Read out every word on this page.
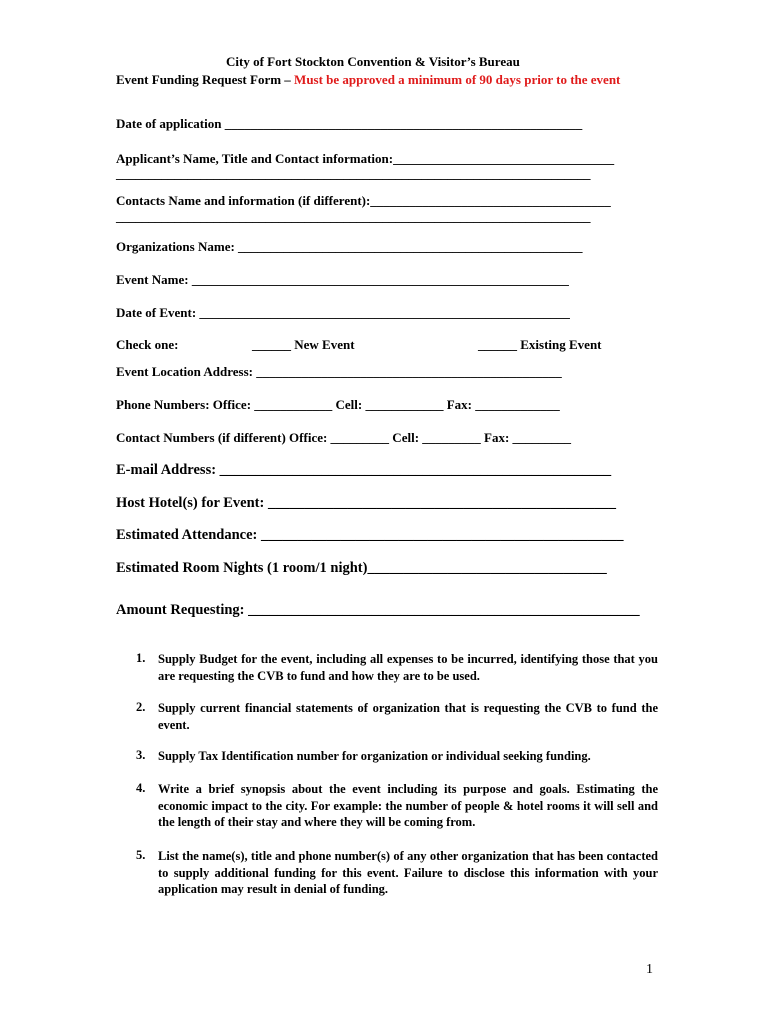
City of Fort Stockton Convention & Visitor’s Bureau
Event Funding Request Form – Must be approved a minimum of 90 days prior to the event
Date of application _______________________________________________________
Applicant’s Name, Title and Contact information:__________________________________
_________________________________________________________________________
Contacts Name and information (if different):_____________________________________
_________________________________________________________________________
Organizations Name: _____________________________________________________
Event Name: __________________________________________________________
Date of Event: _________________________________________________________
Check one:	______ New Event	______ Existing Event
Event Location Address: _______________________________________________
Phone Numbers: Office: ____________ Cell: ____________ Fax: _____________
Contact Numbers (if different) Office: _________ Cell: _________ Fax: _________
E-mail Address: ______________________________________________________
Host Hotel(s) for Event: ________________________________________________
Estimated Attendance: __________________________________________________
Estimated Room Nights (1 room/1 night)_________________________________
Amount Requesting: ______________________________________________________
1. Supply Budget for the event, including all expenses to be incurred, identifying those that you are requesting the CVB to fund and how they are to be used.
2. Supply current financial statements of organization that is requesting the CVB to fund the event.
3. Supply Tax Identification number for organization or individual seeking funding.
4. Write a brief synopsis about the event including its purpose and goals. Estimating the economic impact to the city. For example: the number of people & hotel rooms it will sell and the length of their stay and where they will be coming from.
5. List the name(s), title and phone number(s) of any other organization that has been contacted to supply additional funding for this event. Failure to disclose this information with your application may result in denial of funding.
1
